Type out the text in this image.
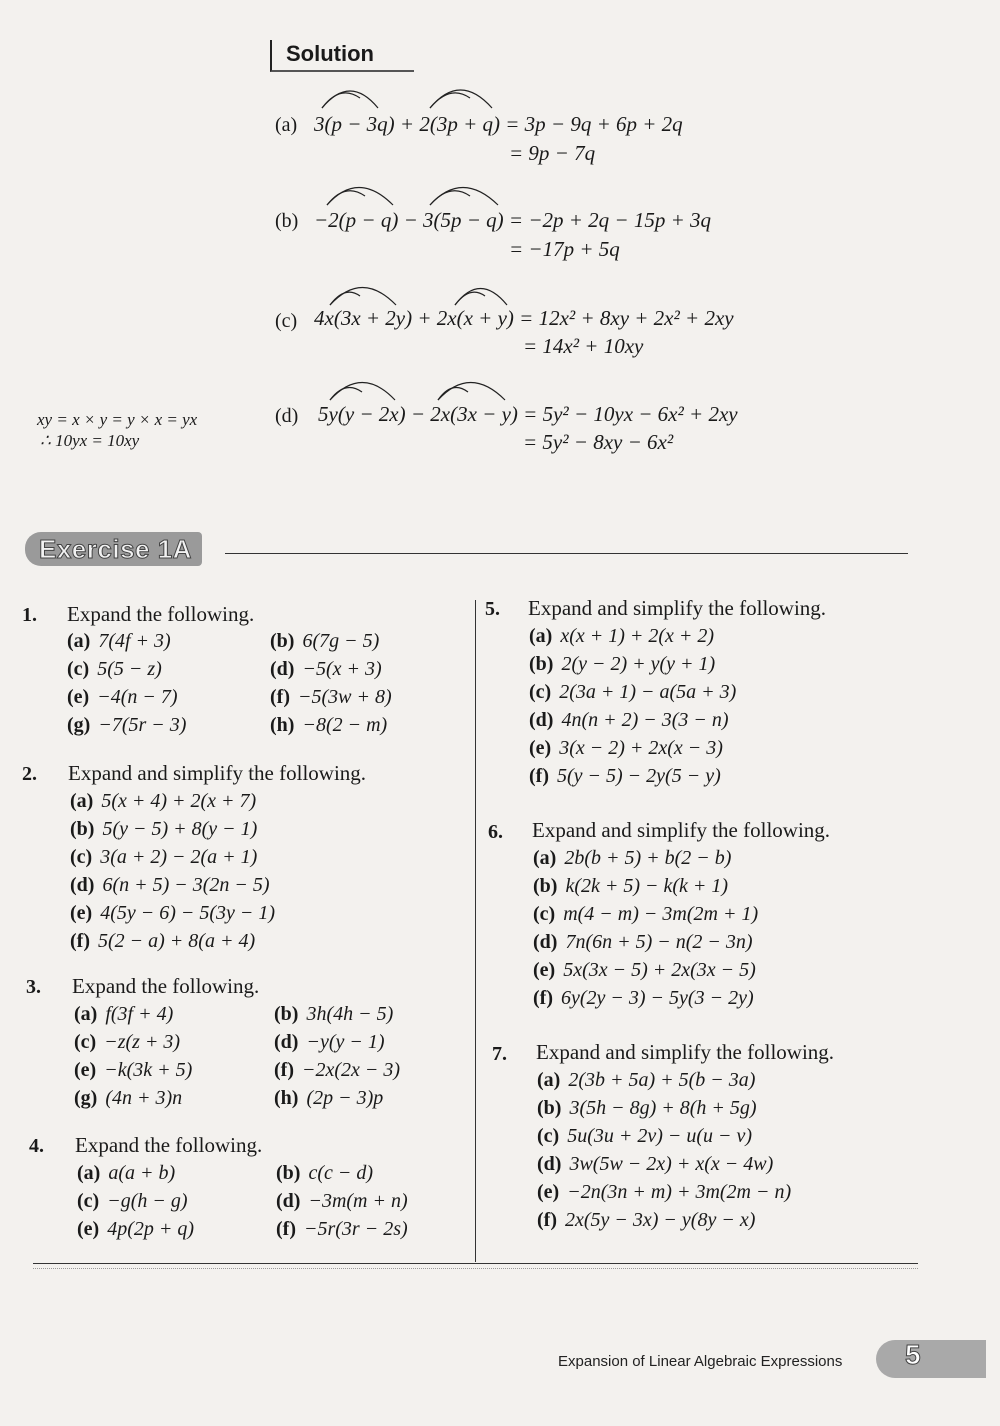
Solution
(a) 3(p − 3q) + 2(3p + q) = 3p − 9q + 6p + 2q
= 9p − 7q
(b) −2(p − q) − 3(5p − q) = −2p + 2q − 15p + 3q
= −17p + 5q
(c) 4x(3x + 2y) + 2x(x + y) = 12x² + 8xy + 2x² + 2xy
= 14x² + 10xy
(d) 5y(y − 2x) − 2x(3x − y) = 5y² − 10yx − 6x² + 2xy
= 5y² − 8xy − 6x²
xy = x × y = y × x = yx
∴ 10yx = 10xy
Exercise 1A
1. Expand the following.
(a) 7(4f + 3)	(b) 6(7g − 5)
(c) 5(5 − z)	(d) −5(x + 3)
(e) −4(n − 7)	(f) −5(3w + 8)
(g) −7(5r − 3)	(h) −8(2 − m)
2. Expand and simplify the following.
(a) 5(x + 4) + 2(x + 7)
(b) 5(y − 5) + 8(y − 1)
(c) 3(a + 2) − 2(a + 1)
(d) 6(n + 5) − 3(2n − 5)
(e) 4(5y − 6) − 5(3y − 1)
(f) 5(2 − a) + 8(a + 4)
3. Expand the following.
(a) f(3f + 4)	(b) 3h(4h − 5)
(c) −z(z + 3)	(d) −y(y − 1)
(e) −k(3k + 5)	(f) −2x(2x − 3)
(g) (4n + 3)n	(h) (2p − 3)p
4. Expand the following.
(a) a(a + b)	(b) c(c − d)
(c) −g(h − g)	(d) −3m(m + n)
(e) 4p(2p + q)	(f) −5r(3r − 2s)
5. Expand and simplify the following.
(a) x(x + 1) + 2(x + 2)
(b) 2(y − 2) + y(y + 1)
(c) 2(3a + 1) − a(5a + 3)
(d) 4n(n + 2) − 3(3 − n)
(e) 3(x − 2) + 2x(x − 3)
(f) 5(y − 5) − 2y(5 − y)
6. Expand and simplify the following.
(a) 2b(b + 5) + b(2 − b)
(b) k(2k + 5) − k(k + 1)
(c) m(4 − m) − 3m(2m + 1)
(d) 7n(6n + 5) − n(2 − 3n)
(e) 5x(3x − 5) + 2x(3x − 5)
(f) 6y(2y − 3) − 5y(3 − 2y)
7. Expand and simplify the following.
(a) 2(3b + 5a) + 5(b − 3a)
(b) 3(5h − 8g) + 8(h + 5g)
(c) 5u(3u + 2v) − u(u − v)
(d) 3w(5w − 2x) + x(x − 4w)
(e) −2n(3n + m) + 3m(2m − n)
(f) 2x(5y − 3x) − y(8y − x)
Expansion of Linear Algebraic Expressions 5
